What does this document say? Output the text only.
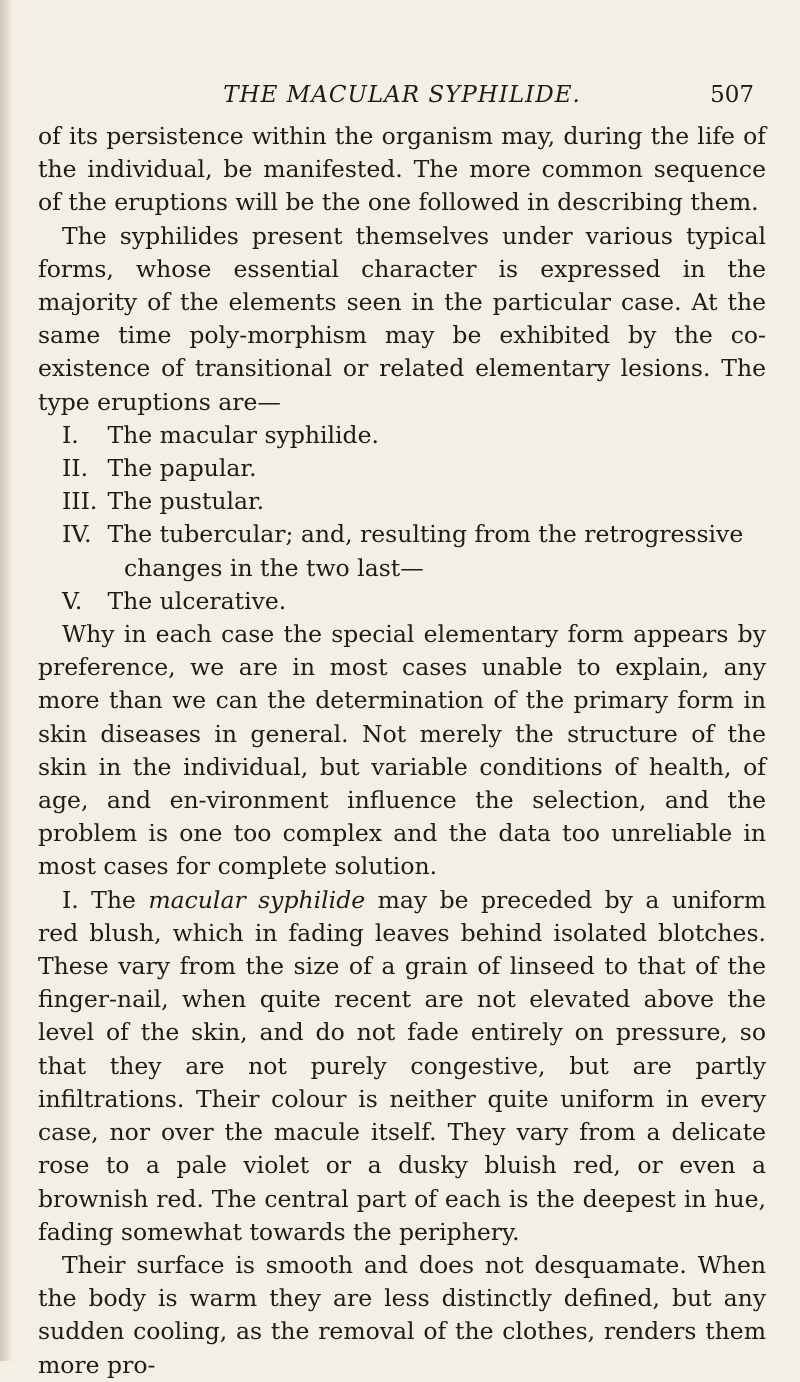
THE MACULAR SYPHILIDE.	507

of its persistence within the organism may, during the life of the individual, be manifested. The more common sequence of the eruptions will be the one followed in describing them.

The syphilides present themselves under various typical forms, whose essential character is expressed in the majority of the elements seen in the particular case. At the same time poly-morphism may be exhibited by the co-existence of transitional or related elementary lesions. The type eruptions are—

I. The macular syphilide.
II. The papular.
III. The pustular.
IV. The tubercular; and, resulting from the retrogressive
changes in the two last—
V. The ulcerative.

Why in each case the special elementary form appears by preference, we are in most cases unable to explain, any more than we can the determination of the primary form in skin diseases in general. Not merely the structure of the skin in the individual, but variable conditions of health, of age, and en-vironment influence the selection, and the problem is one too complex and the data too unreliable in most cases for complete solution.

I. The macular syphilide may be preceded by a uniform red blush, which in fading leaves behind isolated blotches. These vary from the size of a grain of linseed to that of the finger-nail, when quite recent are not elevated above the level of the skin, and do not fade entirely on pressure, so that they are not purely congestive, but are partly infiltrations. Their colour is neither quite uniform in every case, nor over the macule itself. They vary from a delicate rose to a pale violet or a dusky bluish red, or even a brownish red. The central part of each is the deepest in hue, fading somewhat towards the periphery.

Their surface is smooth and does not desquamate. When the body is warm they are less distinctly defined, but any sudden cooling, as the removal of the clothes, renders them more pro-
